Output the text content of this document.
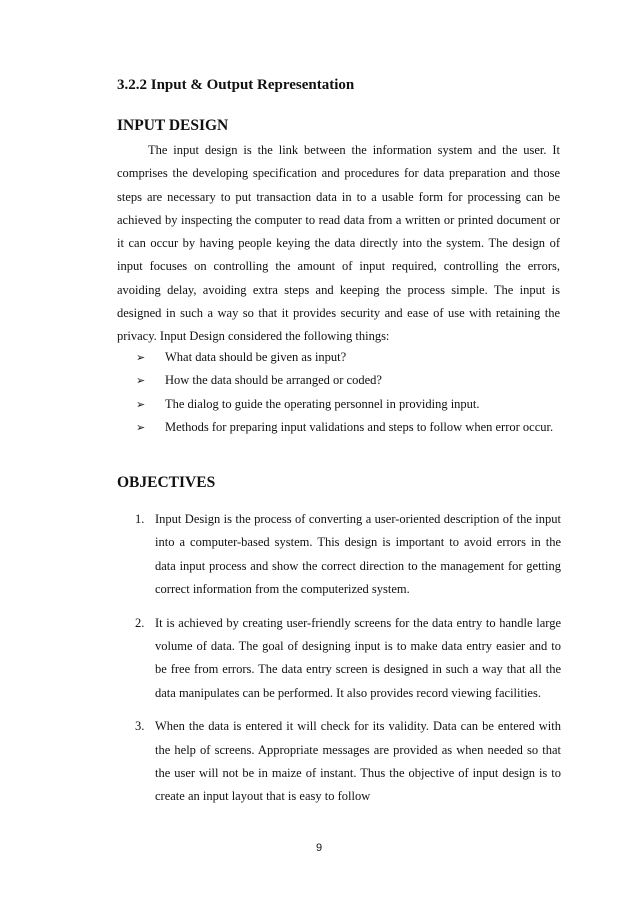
3.2.2 Input & Output Representation
INPUT DESIGN

The input design is the link between the information system and the user. It comprises the developing specification and procedures for data preparation and those steps are necessary to put transaction data in to a usable form for processing can be achieved by inspecting the computer to read data from a written or printed document or it can occur by having people keying the data directly into the system. The design of input focuses on controlling the amount of input required, controlling the errors, avoiding delay, avoiding extra steps and keeping the process simple. The input is designed in such a way so that it provides security and ease of use with retaining the privacy. Input Design considered the following things:

➢ What data should be given as input?
➢ How the data should be arranged or coded?
➢ The dialog to guide the operating personnel in providing input.
➢ Methods for preparing input validations and steps to follow when error occur.
OBJECTIVES
1. Input Design is the process of converting a user-oriented description of the input into a computer-based system. This design is important to avoid errors in the data input process and show the correct direction to the management for getting correct information from the computerized system.
2. It is achieved by creating user-friendly screens for the data entry to handle large volume of data. The goal of designing input is to make data entry easier and to be free from errors. The data entry screen is designed in such a way that all the data manipulates can be performed. It also provides record viewing facilities.
3. When the data is entered it will check for its validity. Data can be entered with the help of screens. Appropriate messages are provided as when needed so that the user will not be in maize of instant. Thus the objective of input design is to create an input layout that is easy to follow

9
